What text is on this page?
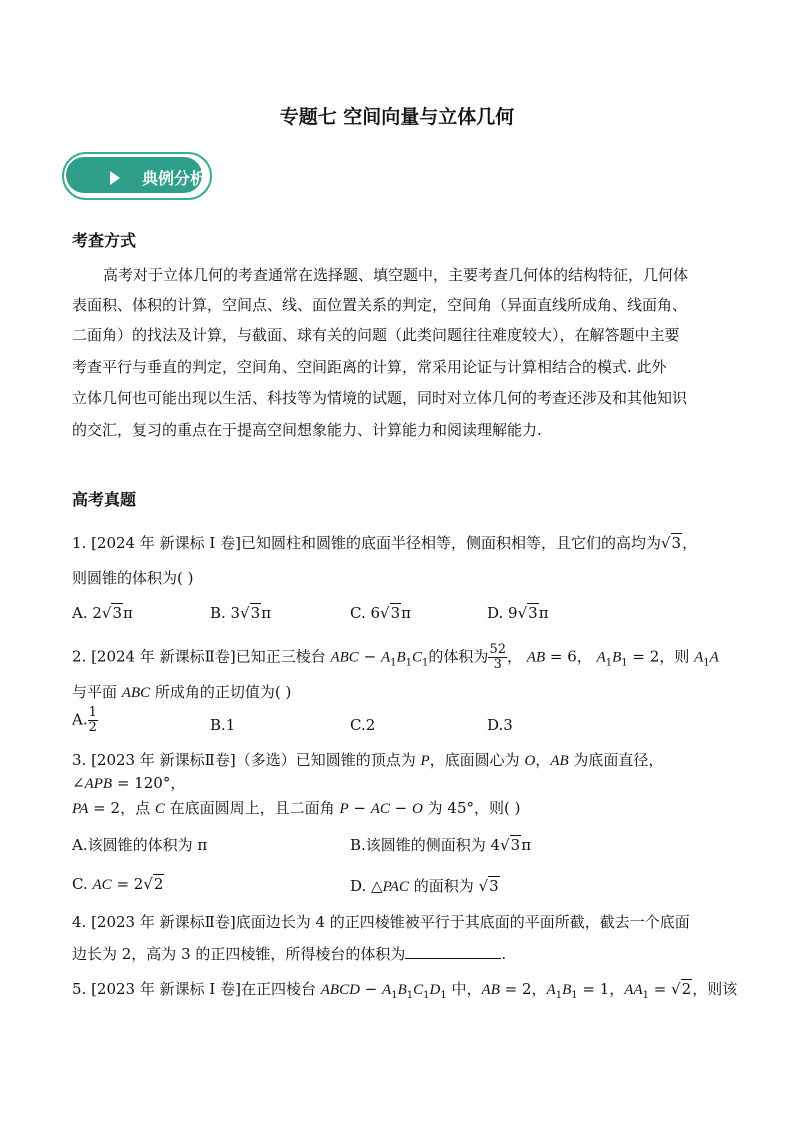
专题七 空间向量与立体几何
典例分析
考查方式
高考对于立体几何的考查通常在选择题、填空题中，主要考查几何体的结构特征，几何体
表面积、体积的计算，空间点、线、面位置关系的判定，空间角（异面直线所成角、线面角、
二面角）的找法及计算，与截面、球有关的问题（此类问题往往难度较大），在解答题中主要
考查平行与垂直的判定，空间角、空间距离的计算，常采用论证与计算相结合的模式. 此外
立体几何也可能出现以生活、科技等为情境的试题，同时对立体几何的考查还涉及和其他知识
的交汇，复习的重点在于提高空间想象能力、计算能力和阅读理解能力.
高考真题
1. [2024 年 新课标 I 卷]已知圆柱和圆锥的底面半径相等，侧面积相等，且它们的高均为√3，
则圆锥的体积为( )
A. 2√3π	B. 3√3π	C. 6√3π	D. 9√3π
2. [2024 年 新课标Ⅱ卷]已知正三棱台 ABC − $A_1B_1C_1$的体积为 $\frac{52}{3}$ ， AB = 6， $A_1B_1 = 2$，则 $A_1A$
与平面 ABC 所成角的正切值为( )
A. $\frac{1}{2}$	B.1	C.2	D.3
3. [2023 年 新课标Ⅱ卷]（多选）已知圆锥的顶点为 P，底面圆心为 O，AB 为底面直径，
∠APB = 120°，
PA = 2，点 C 在底面圆周上，且二面角 P − AC − O 为 45°，则( )
A.该圆锥的体积为 π	B.该圆锥的侧面积为 4√3π
C. AC = 2√2	D. △PAC 的面积为 √3
4. [2023 年 新课标Ⅱ卷]底面边长为 4 的正四棱锥被平行于其底面的平面所截，截去一个底面
边长为 2，高为 3 的正四棱锥，所得棱台的体积为	.
5. [2023 年 新课标 I 卷]在正四棱台 ABCD − $A_1B_1C_1D_1$ 中，AB = 2，$A_1B_1 = 1$，$AA_1 = √2$，则该
